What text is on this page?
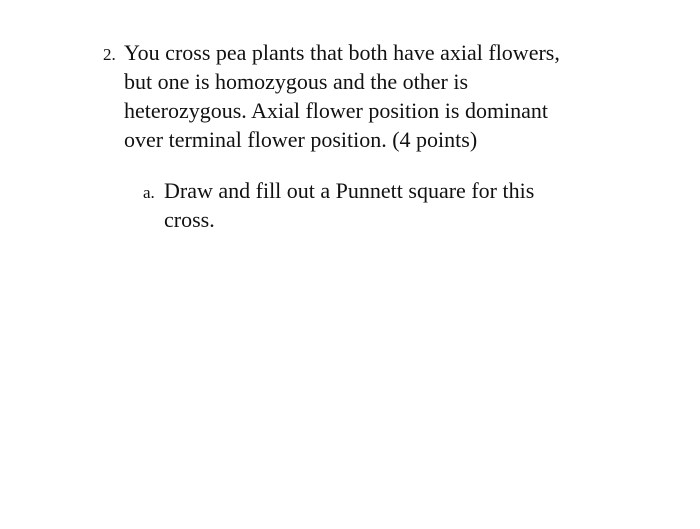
2. You cross pea plants that both have axial flowers,
but one is homozygous and the other is
heterozygous. Axial flower position is dominant
over terminal flower position. (4 points)
a. Draw and fill out a Punnett square for this
cross.
